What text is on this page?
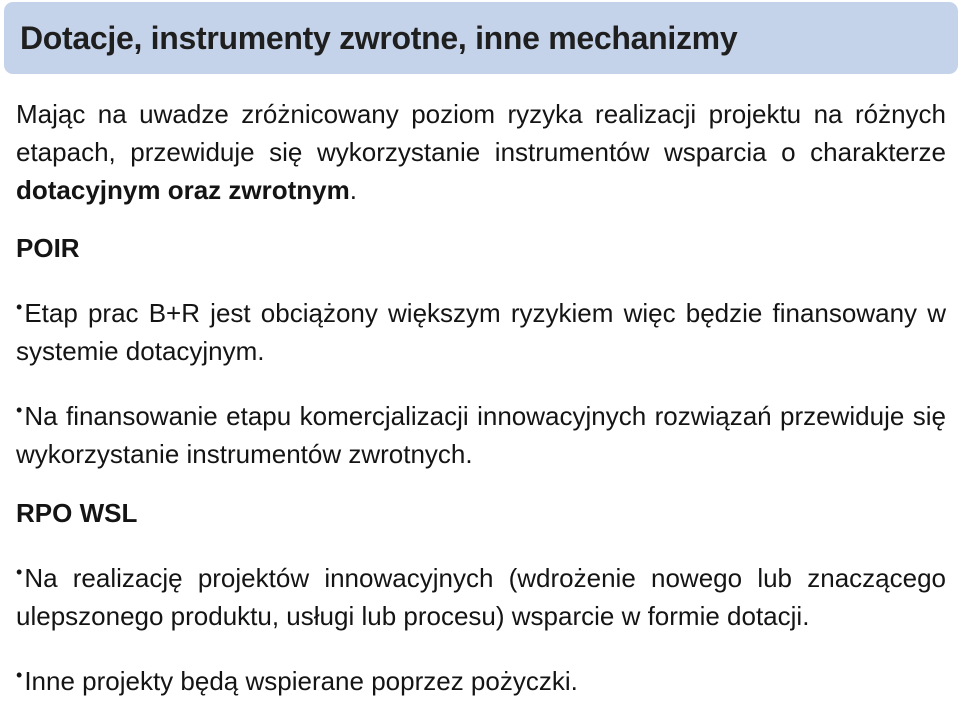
Dotacje, instrumenty zwrotne, inne mechanizmy

Mając na uwadze zróżnicowany poziom ryzyka realizacji projektu na różnych etapach, przewiduje się wykorzystanie instrumentów wsparcia o charakterze dotacyjnym oraz zwrotnym.

POIR

•Etap prac B+R jest obciążony większym ryzykiem więc będzie finansowany w systemie dotacyjnym.

•Na finansowanie etapu komercjalizacji innowacyjnych rozwiązań przewiduje się wykorzystanie instrumentów zwrotnych.

RPO WSL

•Na realizację projektów innowacyjnych (wdrożenie nowego lub znaczącego ulepszonego produktu, usługi lub procesu) wsparcie w formie dotacji.

•Inne projekty będą wspierane poprzez pożyczki.
